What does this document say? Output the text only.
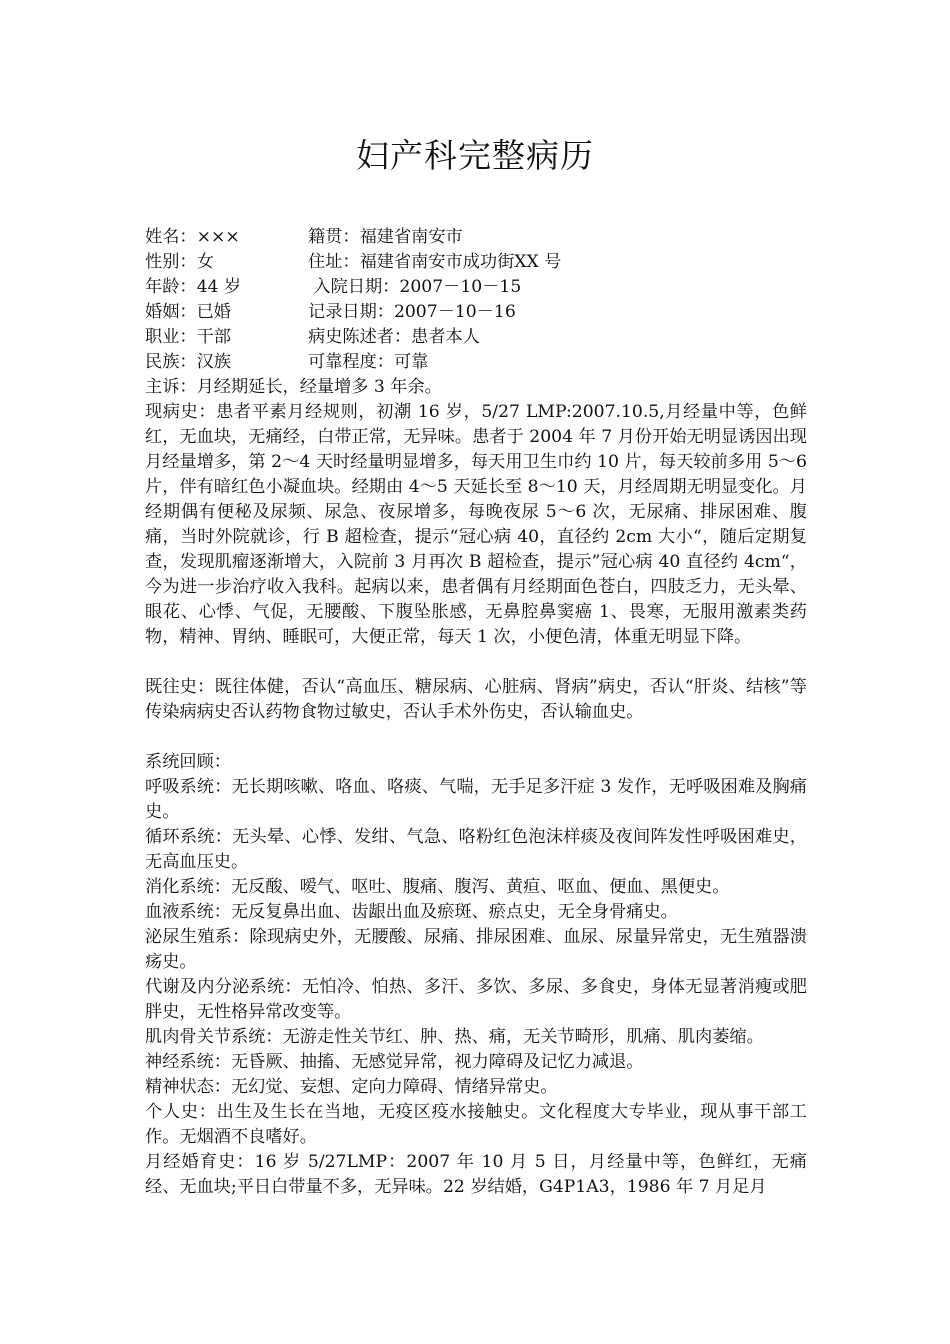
妇产科完整病历
姓名：×××	籍贯：福建省南安市
性别：女	住址：福建省南安市成功街XX 号
年龄：44 岁	入院日期：2007－10－15
婚姻：已婚	记录日期：2007－10－16
职业：干部	病史陈述者：患者本人
民族：汉族	可靠程度：可靠

主诉：月经期延长，经量增多 3 年余。

现病史：患者平素月经规则，初潮 16 岁，5/27 LMP:2007.10.5,月经量中等，色鲜红，无血块，无痛经，白带正常，无异味。患者于 2004 年 7 月份开始无明显诱因出现月经量增多，第 2～4 天时经量明显增多，每天用卫生巾约 10 片，每天较前多用 5～6 片，伴有暗红色小凝血块。经期由 4～5 天延长至 8～10 天，月经周期无明显变化。月经期偶有便秘及尿频、尿急、夜尿增多，每晚夜尿 5～6 次，无尿痛、排尿困难、腹痛，当时外院就诊，行 B 超检查，提示“冠心病 40，直径约 2cm 大小“，随后定期复查，发现肌瘤逐渐增大，入院前 3 月再次 B 超检查，提示”冠心病 40 直径约 4cm“，今为进一步治疗收入我科。起病以来，患者偶有月经期面色苍白，四肢乏力，无头晕、眼花、心悸、气促，无腰酸、下腹坠胀感，无鼻腔鼻窦癌 1、畏寒，无服用激素类药物，精神、胃纳、睡眠可，大便正常，每天 1 次，小便色清，体重无明显下降。

既往史：既往体健，否认“高血压、糖尿病、心脏病、肾病”病史，否认“肝炎、结核”等传染病病史否认药物食物过敏史，否认手术外伤史，否认输血史。

系统回顾：

呼吸系统：无长期咳嗽、咯血、咯痰、气喘，无手足多汗症 3 发作，无呼吸困难及胸痛史。

循环系统：无头晕、心悸、发绀、气急、咯粉红色泡沫样痰及夜间阵发性呼吸困难史，无高血压史。

消化系统：无反酸、嗳气、呕吐、腹痛、腹泻、黄疸、呕血、便血、黑便史。

血液系统：无反复鼻出血、齿龈出血及瘀斑、瘀点史，无全身骨痛史。

泌尿生殖系：除现病史外，无腰酸、尿痛、排尿困难、血尿、尿量异常史，无生殖器溃疡史。

代谢及内分泌系统：无怕冷、怕热、多汗、多饮、多尿、多食史，身体无显著消瘦或肥胖史，无性格异常改变等。

肌肉骨关节系统：无游走性关节红、肿、热、痛，无关节畸形，肌痛、肌肉萎缩。

神经系统：无昏厥、抽搐、无感觉异常，视力障碍及记忆力减退。

精神状态：无幻觉、妄想、定向力障碍、情绪异常史。

个人史：出生及生长在当地，无疫区疫水接触史。文化程度大专毕业，现从事干部工作。无烟酒不良嗜好。

月经婚育史：16 岁 5/27LMP：2007 年 10 月 5 日，月经量中等，色鲜红，无痛经、无血块;平日白带量不多，无异味。22 岁结婚，G4P1A3，1986 年 7 月足月
